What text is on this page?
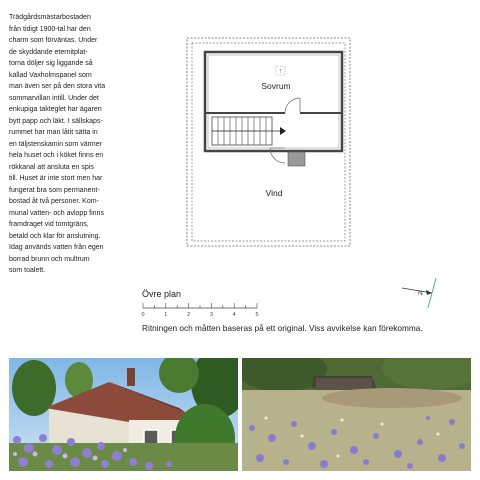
Trädgårdsmästarbostaden
från tidigt 1900-tal har den
charm som förväntas. Under
de skyddande eternitplat-
torna döljer sig liggande så
kallad Vaxholmspanel som
man även ser på den stora vita
sommarvillan intill. Under det
enkupiga takteglet har ägaren
bytt papp och läkt. I sällskaps-
rummet har man låtit sätta in
en täljstenskamin som värmer
hela huset och i köket finns en
rökkanal att ansluta en spis
till. Huset är inte stort men har
fungerat bra som permanent-
bostad åt två personer. Kom-
munal vatten- och avlopp finns
framdraget vid tomtgräns,
betald och klar för anslutning.
Idag används vatten från egen
borrad brunn och multrum
som toalett.
T
Sovrum
Vind
Övre plan
0	1	2	3	4	5
Ritningen och måtten baseras på ett original. Viss avvikelse kan förekomma.
N
